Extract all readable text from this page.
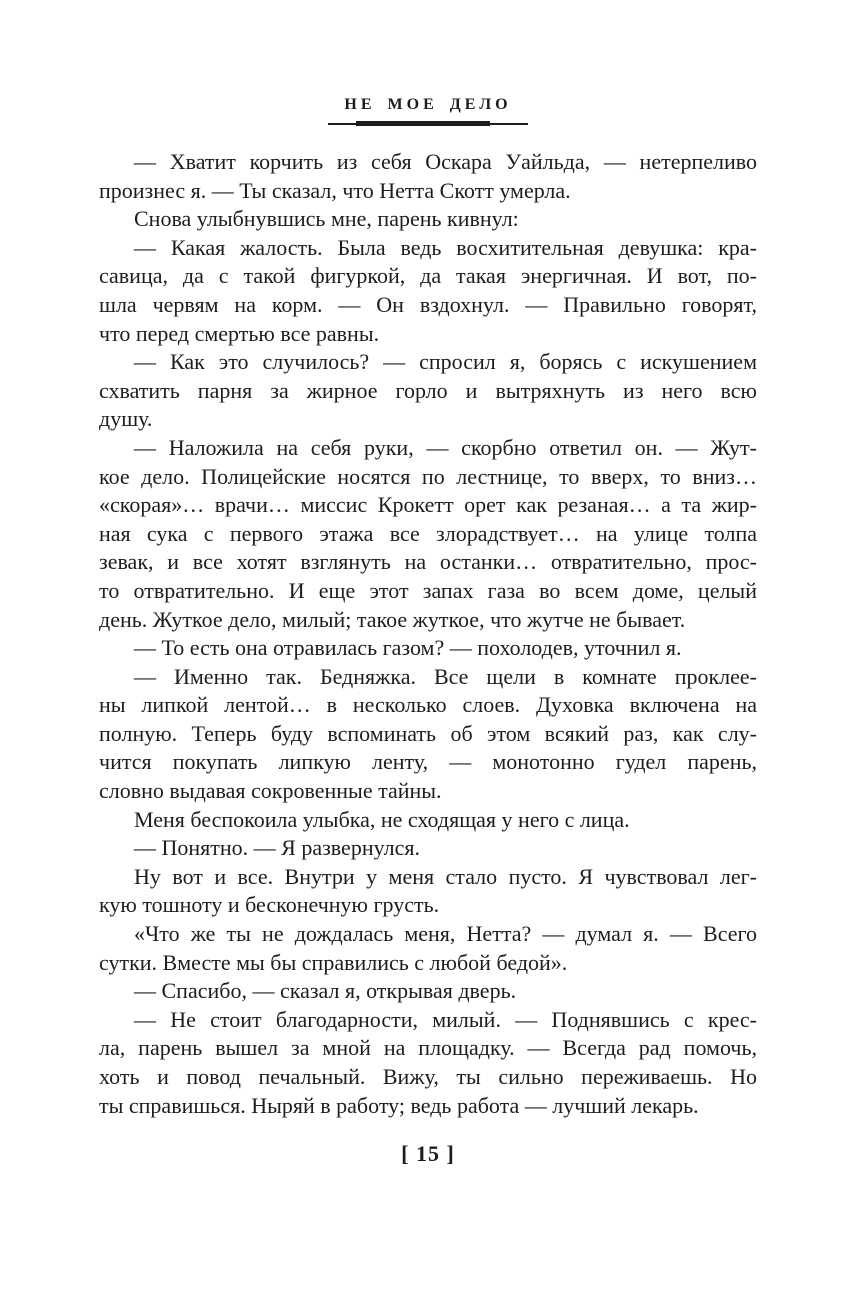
НЕ МОЕ ДЕЛО
— Хватит корчить из себя Оскара Уайльда, — нетерпеливо
произнес я. — Ты сказал, что Нетта Скотт умерла.
Снова улыбнувшись мне, парень кивнул:
— Какая жалость. Была ведь восхитительная девушка: кра-
савица, да с такой фигуркой, да такая энергичная. И вот, по-
шла червям на корм. — Он вздохнул. — Правильно говорят,
что перед смертью все равны.
— Как это случилось? — спросил я, борясь с искушением
схватить парня за жирное горло и вытряхнуть из него всю
душу.
— Наложила на себя руки, — скорбно ответил он. — Жут-
кое дело. Полицейские носятся по лестнице, то вверх, то вниз…
«скорая»… врачи… миссис Крокетт орет как резаная… а та жир-
ная сука с первого этажа все злорадствует… на улице толпа
зевак, и все хотят взглянуть на останки… отвратительно, прос-
то отвратительно. И еще этот запах газа во всем доме, целый
день. Жуткое дело, милый; такое жуткое, что жутче не бывает.
— То есть она отравилась газом? — похолодев, уточнил я.
— Именно так. Бедняжка. Все щели в комнате проклее-
ны липкой лентой… в несколько слоев. Духовка включена на
полную. Теперь буду вспоминать об этом всякий раз, как слу-
чится покупать липкую ленту, — монотонно гудел парень,
словно выдавая сокровенные тайны.
Меня беспокоила улыбка, не сходящая у него с лица.
— Понятно. — Я развернулся.
Ну вот и все. Внутри у меня стало пусто. Я чувствовал лег-
кую тошноту и бесконечную грусть.
«Что же ты не дождалась меня, Нетта? — думал я. — Всего
сутки. Вместе мы бы справились с любой бедой».
— Спасибо, — сказал я, открывая дверь.
— Не стоит благодарности, милый. — Поднявшись с крес-
ла, парень вышел за мной на площадку. — Всегда рад помочь,
хоть и повод печальный. Вижу, ты сильно переживаешь. Но
ты справишься. Ныряй в работу; ведь работа — лучший лекарь.
[ 15 ]
